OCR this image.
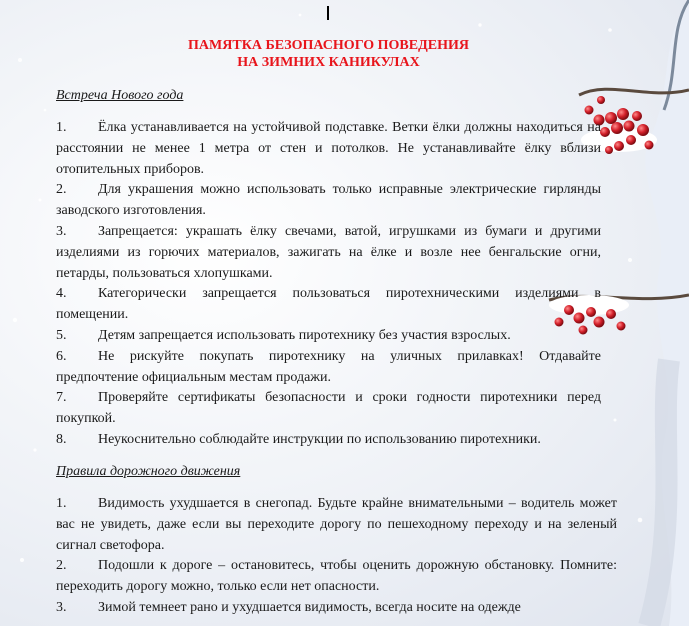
ПАМЯТКА БЕЗОПАСНОГО ПОВЕДЕНИЯ
НА ЗИМНИХ КАНИКУЛАХ
Встреча Нового года

1. Ёлка устанавливается на устойчивой подставке. Ветки ёлки должны находиться на расстоянии не менее 1 метра от стен и потолков. Не устанавливайте ёлку вблизи отопительных приборов.

2. Для украшения можно использовать только исправные электрические гирлянды заводского изготовления.

3. Запрещается: украшать ёлку свечами, ватой, игрушками из бумаги и другими изделиями из горючих материалов, зажигать на ёлке и возле нее бенгальские огни, петарды, пользоваться хлопушками.

4. Категорически запрещается пользоваться пиротехническими изделиями в помещении.

5. Детям запрещается использовать пиротехнику без участия взрослых.

6. Не рискуйте покупать пиротехнику на уличных прилавках! Отдавайте предпочтение официальным местам продажи.

7. Проверяйте сертификаты безопасности и сроки годности пиротехники перед покупкой.

8. Неукоснительно соблюдайте инструкции по использованию пиротехники.

Правила дорожного движения

1. Видимость ухудшается в снегопад. Будьте крайне внимательными – водитель может вас не увидеть, даже если вы переходите дорогу по пешеходному переходу и на зеленый сигнал светофора.

2. Подошли к дороге – остановитесь, чтобы оценить дорожную обстановку. Помните: переходить дорогу можно, только если нет опасности.

3. Зимой темнеет рано и ухудшается видимость, всегда носите на одежде
